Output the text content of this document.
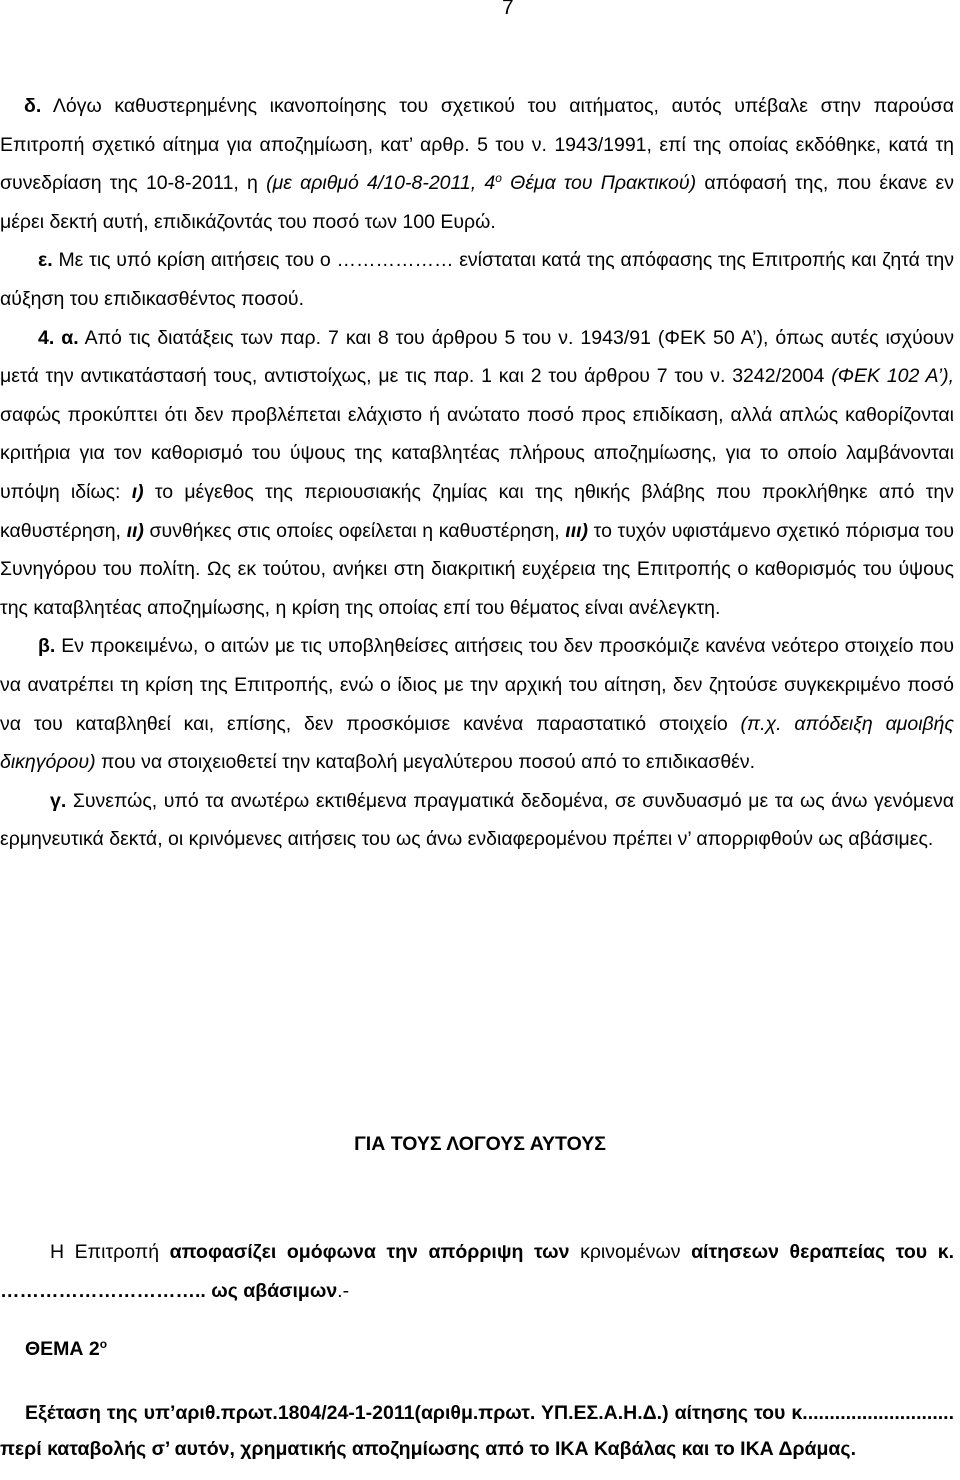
7

δ. Λόγω καθυστερημένης ικανοποίησης του σχετικού του αιτήματος, αυτός υπέβαλε στην παρούσα Επιτροπή σχετικό αίτημα για αποζημίωση, κατ’ αρθρ. 5 του ν. 1943/1991, επί της οποίας εκδόθηκε, κατά τη συνεδρίαση της 10-8-2011, η (με αριθμό 4/10-8-2011, $4^o$ Θέμα του Πρακτικού) απόφασή της, που έκανε εν μέρει δεκτή αυτή, επιδικάζοντάς του ποσό των 100 Ευρώ.

ε. Με τις υπό κρίση αιτήσεις του ο ……………… ενίσταται κατά της απόφασης της Επιτροπής και ζητά την αύξηση του επιδικασθέντος ποσού.

4. α. Από τις διατάξεις των παρ. 7 και 8 του άρθρου 5 του ν. 1943/91 (ΦΕΚ 50 Α’), όπως αυτές ισχύουν μετά την αντικατάστασή τους, αντιστοίχως, με τις παρ. 1 και 2 του άρθρου 7 του ν. 3242/2004 (ΦΕΚ 102 Α’), σαφώς προκύπτει ότι δεν προβλέπεται ελάχιστο ή ανώτατο ποσό προς επιδίκαση, αλλά απλώς καθορίζονται κριτήρια για τον καθορισμό του ύψους της καταβλητέας πλήρους αποζημίωσης, για το οποίο λαμβάνονται υπόψη ιδίως: ι) το μέγεθος της περιουσιακής ζημίας και της ηθικής βλάβης που προκλήθηκε από την καθυστέρηση, ιι) συνθήκες στις οποίες οφείλεται η καθυστέρηση, ιιι) το τυχόν υφιστάμενο σχετικό πόρισμα του Συνηγόρου του πολίτη. Ως εκ τούτου, ανήκει στη διακριτική ευχέρεια της Επιτροπής ο καθορισμός του ύψους της καταβλητέας αποζημίωσης, η κρίση της οποίας επί του θέματος είναι ανέλεγκτη.

β. Εν προκειμένω, ο αιτών με τις υποβληθείσες αιτήσεις του δεν προσκόμιζε κανένα νεότερο στοιχείο που να ανατρέπει τη κρίση της Επιτροπής, ενώ ο ίδιος με την αρχική του αίτηση, δεν ζητούσε συγκεκριμένο ποσό να του καταβληθεί και, επίσης, δεν προσκόμισε κανένα παραστατικό στοιχείο (π.χ. απόδειξη αμοιβής δικηγόρου) που να στοιχειοθετεί την καταβολή μεγαλύτερου ποσού από το επιδικασθέν.

γ. Συνεπώς, υπό τα ανωτέρω εκτιθέμενα πραγματικά δεδομένα, σε συνδυασμό με τα ως άνω γενόμενα ερμηνευτικά δεκτά, οι κρινόμενες αιτήσεις του ως άνω ενδιαφερομένου πρέπει ν’ απορριφθούν ως αβάσιμες.

ΓΙΑ ΤΟΥΣ ΛΟΓΟΥΣ ΑΥΤΟΥΣ

Η Επιτροπή αποφασίζει ομόφωνα την απόρριψη των κρινομένων αίτησεων θεραπείας του κ. ………………………….. ως αβάσιμων.-

ΘΕΜΑ $2^o$

Εξέταση της υπ’αριθ.πρωτ.1804/24-1-2011(αριθμ.πρωτ. ΥΠ.ΕΣ.Α.Η.Δ.) αίτησης του κ............................ περί καταβολής σ’ αυτόν, χρηματικής αποζημίωσης από το ΙΚΑ Καβάλας και το ΙΚΑ Δράμας.
